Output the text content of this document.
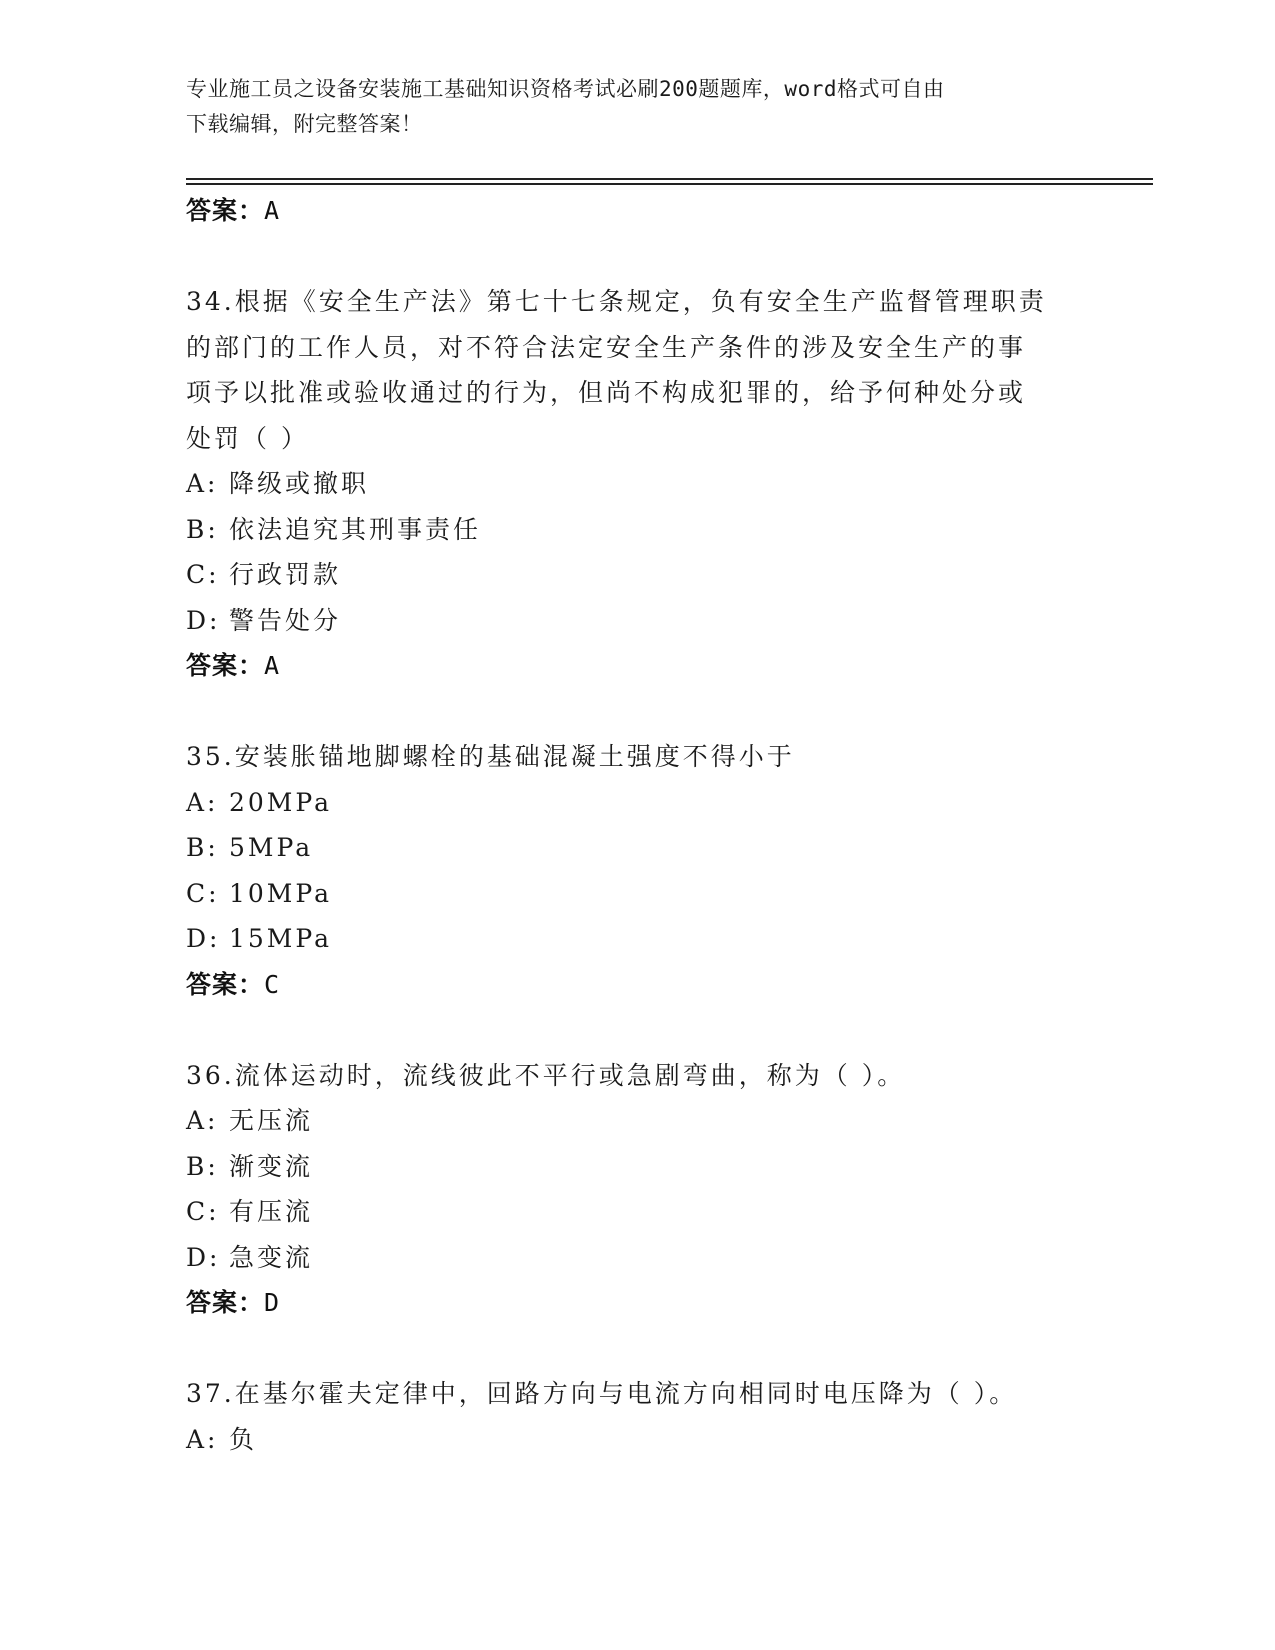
专业施工员之设备安装施工基础知识资格考试必刷200题题库，word格式可自由
下载编辑，附完整答案！
答案：A
34.根据《安全生产法》第七十七条规定，负有安全生产监督管理职责
的部门的工作人员，对不符合法定安全生产条件的涉及安全生产的事
项予以批准或验收通过的行为，但尚不构成犯罪的，给予何种处分或
处罚（ ）
A: 降级或撤职
B: 依法追究其刑事责任
C: 行政罚款
D: 警告处分
答案：A
35.安装胀锚地脚螺栓的基础混凝土强度不得小于
A: 20MPa
B: 5MPa
C: 10MPa
D: 15MPa
答案：C
36.流体运动时，流线彼此不平行或急剧弯曲，称为（ ）。
A: 无压流
B: 渐变流
C: 有压流
D: 急变流
答案：D
37.在基尔霍夫定律中，回路方向与电流方向相同时电压降为（ ）。
A: 负
